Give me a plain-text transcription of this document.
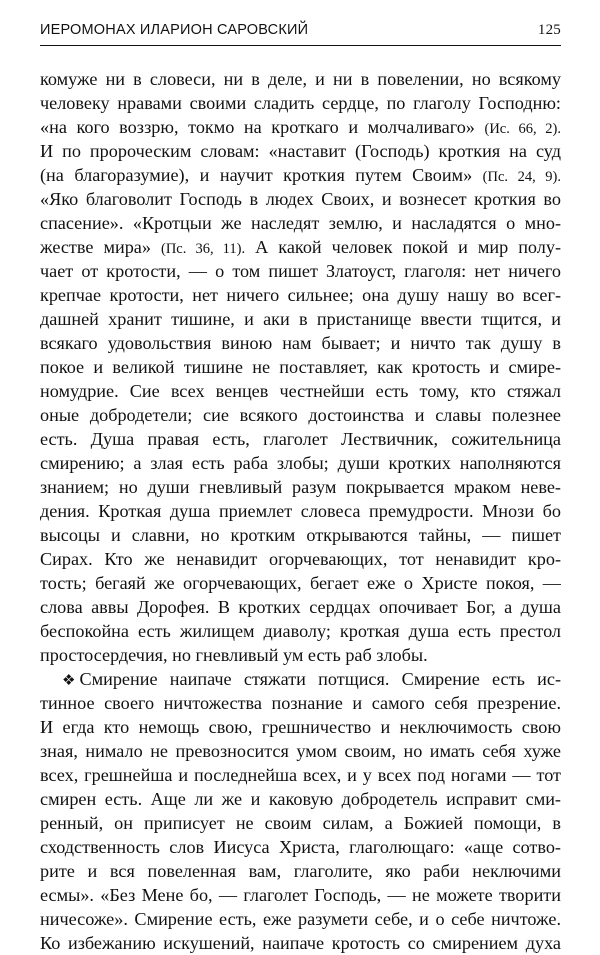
ИЕРОМОНАХ ИЛАРИОН САРОВСКИЙ	125
комуже ни в словеси, ни в деле, и ни в повелении, но всякому
человеку нравами своими сладить сердце, по глаголу Господню:
«на кого воззрю, токмо на кроткаго и молчаливаго» (Ис. 66, 2).
И по пророческим словам: «наставит (Господь) кроткия на суд
(на благоразумие), и научит кроткия путем Своим» (Пс. 24, 9).
«Яко благоволит Господь в людех Своих, и вознесет кроткия во
спасение». «Кротцыи же наследят землю, и насладятся о мно-
жестве мира» (Пс. 36, 11). А какой человек покой и мир полу-
чает от кротости, — о том пишет Златоуст, глаголя: нет ничего
крепчае кротости, нет ничего сильнее; она душу нашу во всег-
дашней хранит тишине, и аки в пристанище ввести тщится, и
всякаго удовольствия виною нам бывает; и ничто так душу в
покое и великой тишине не поставляет, как кротость и смире-
номудрие. Сие всех венцев честнейши есть тому, кто стяжал
оные добродетели; сие всякого достоинства и славы полезнее
есть. Душа правая есть, глаголет Лествичник, сожительница
смирению; а злая есть раба злобы; души кротких наполняются
знанием; но души гневливый разум покрывается мраком неве-
дения. Кроткая душа приемлет словеса премудрости. Мнози бо
высоцы и славни, но кротким открываются тайны, — пишет
Сирах. Кто же ненавидит огорчевающих, тот ненавидит кро-
тость; бегаяй же огорчевающих, бегает еже о Христе покоя, —
слова аввы Дорофея. В кротких сердцах опочивает Бог, а душа
беспокойна есть жилищем диаволу; кроткая душа есть престол
простосердечия, но гневливый ум есть раб злобы.
❖ Смирение наипаче стяжати потщися. Смирение есть ис-
тинное своего ничтожества познание и самого себя презрение.
И егда кто немощь свою, грешничество и неключимость свою
зная, нимало не превозносится умом своим, но имать себя хуже
всех, грешнейша и последнейша всех, и у всех под ногами — тот
смирен есть. Аще ли же и каковую добродетель исправит сми-
ренный, он приписует не своим силам, а Божией помощи, в
сходственность слов Иисуса Христа, глаголющаго: «аще сотво-
рите и вся повеленная вам, глаголите, яко раби неключими
есмы». «Без Мене бо, — глаголет Господь, — не можете творити
ничесоже». Смирение есть, еже разумети себе, и о себе ничтоже.
Ко избежанию искушений, наипаче кротость со смирением духа
